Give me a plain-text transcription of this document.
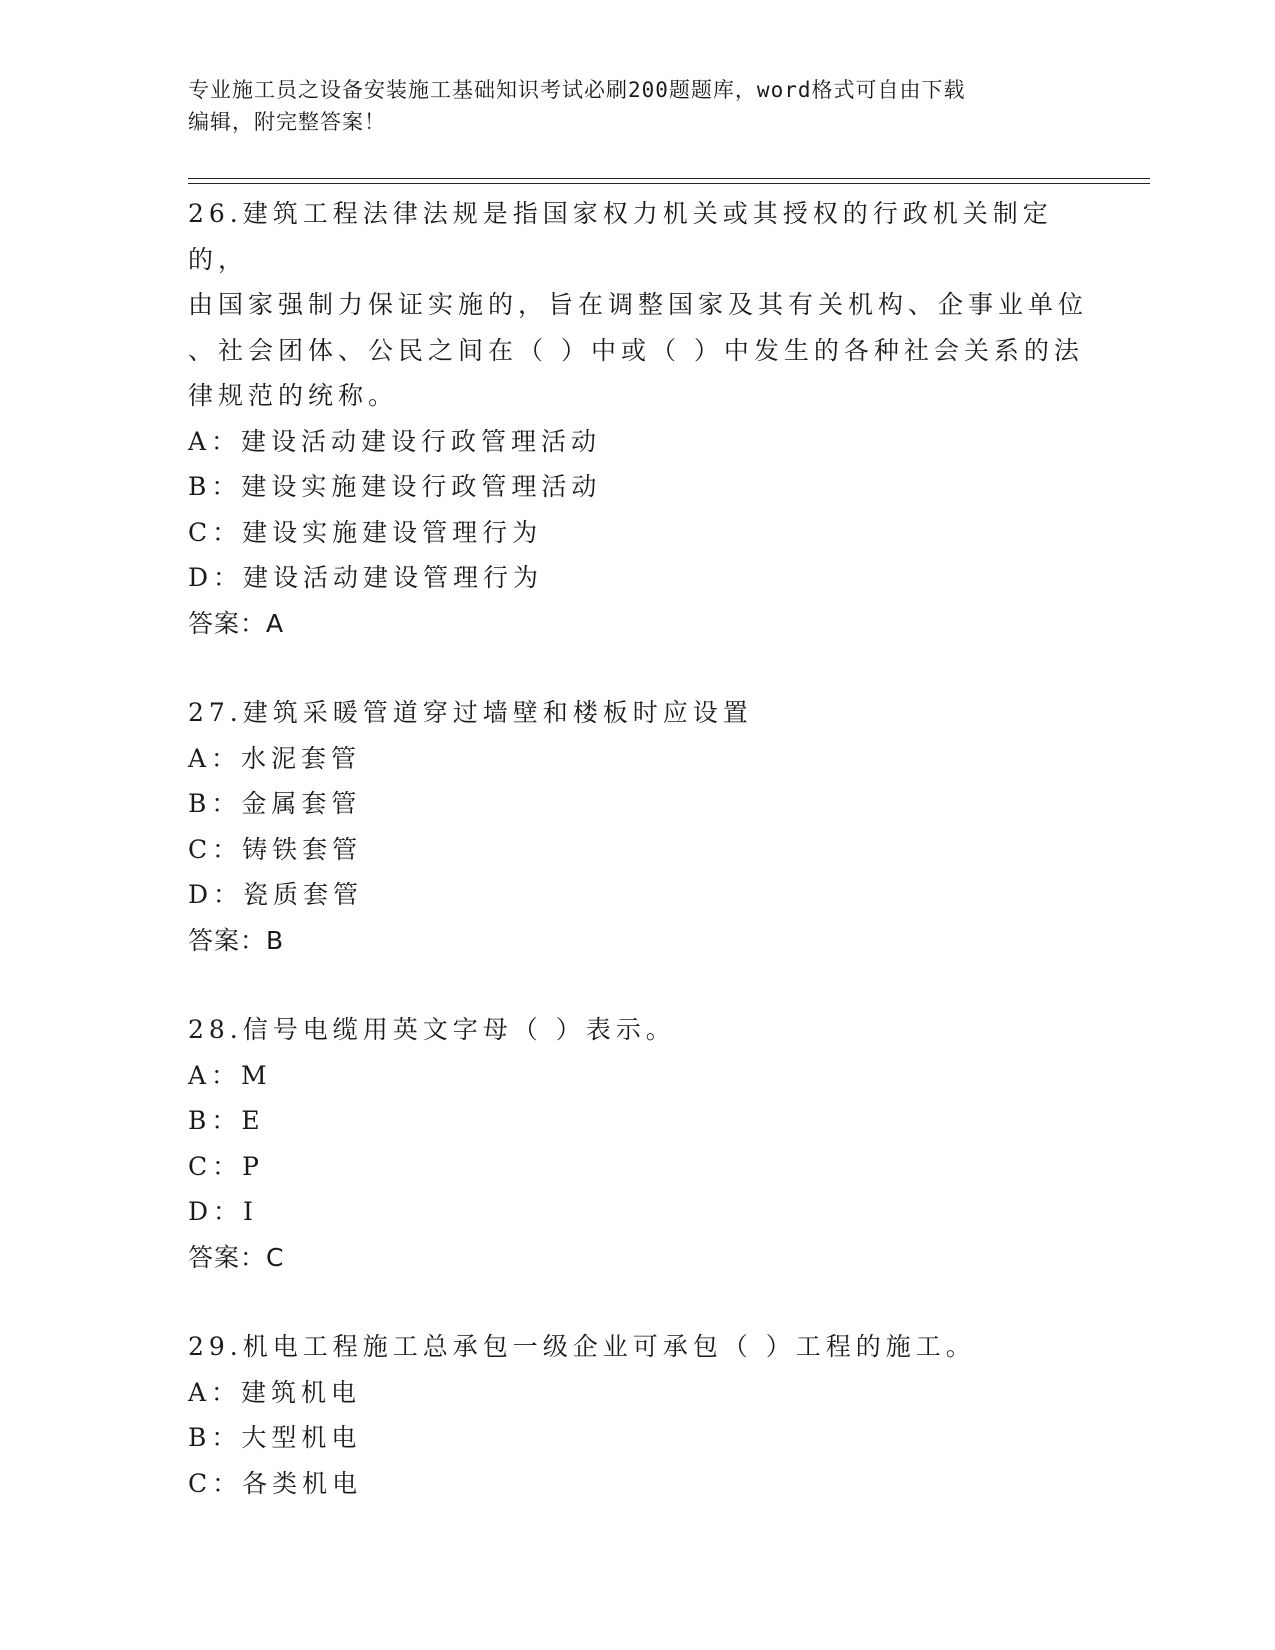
专业施工员之设备安装施工基础知识考试必刷200题题库，word格式可自由下载
编辑，附完整答案！

26.建筑工程法律法规是指国家权力机关或其授权的行政机关制定的，

由国家强制力保证实施的，旨在调整国家及其有关机构、企事业单位

、社会团体、公民之间在（ ）中或（ ）中发生的各种社会关系的法

律规范的统称。

A：建设活动建设行政管理活动

B：建设实施建设行政管理活动

C：建设实施建设管理行为

D：建设活动建设管理行为

答案：A

27.建筑采暖管道穿过墙壁和楼板时应设置

A：水泥套管

B：金属套管

C：铸铁套管

D：瓷质套管

答案：B

28.信号电缆用英文字母（ ）表示。

A：M

B：E

C：P

D：I

答案：C

29.机电工程施工总承包一级企业可承包（ ）工程的施工。

A：建筑机电

B：大型机电

C：各类机电
